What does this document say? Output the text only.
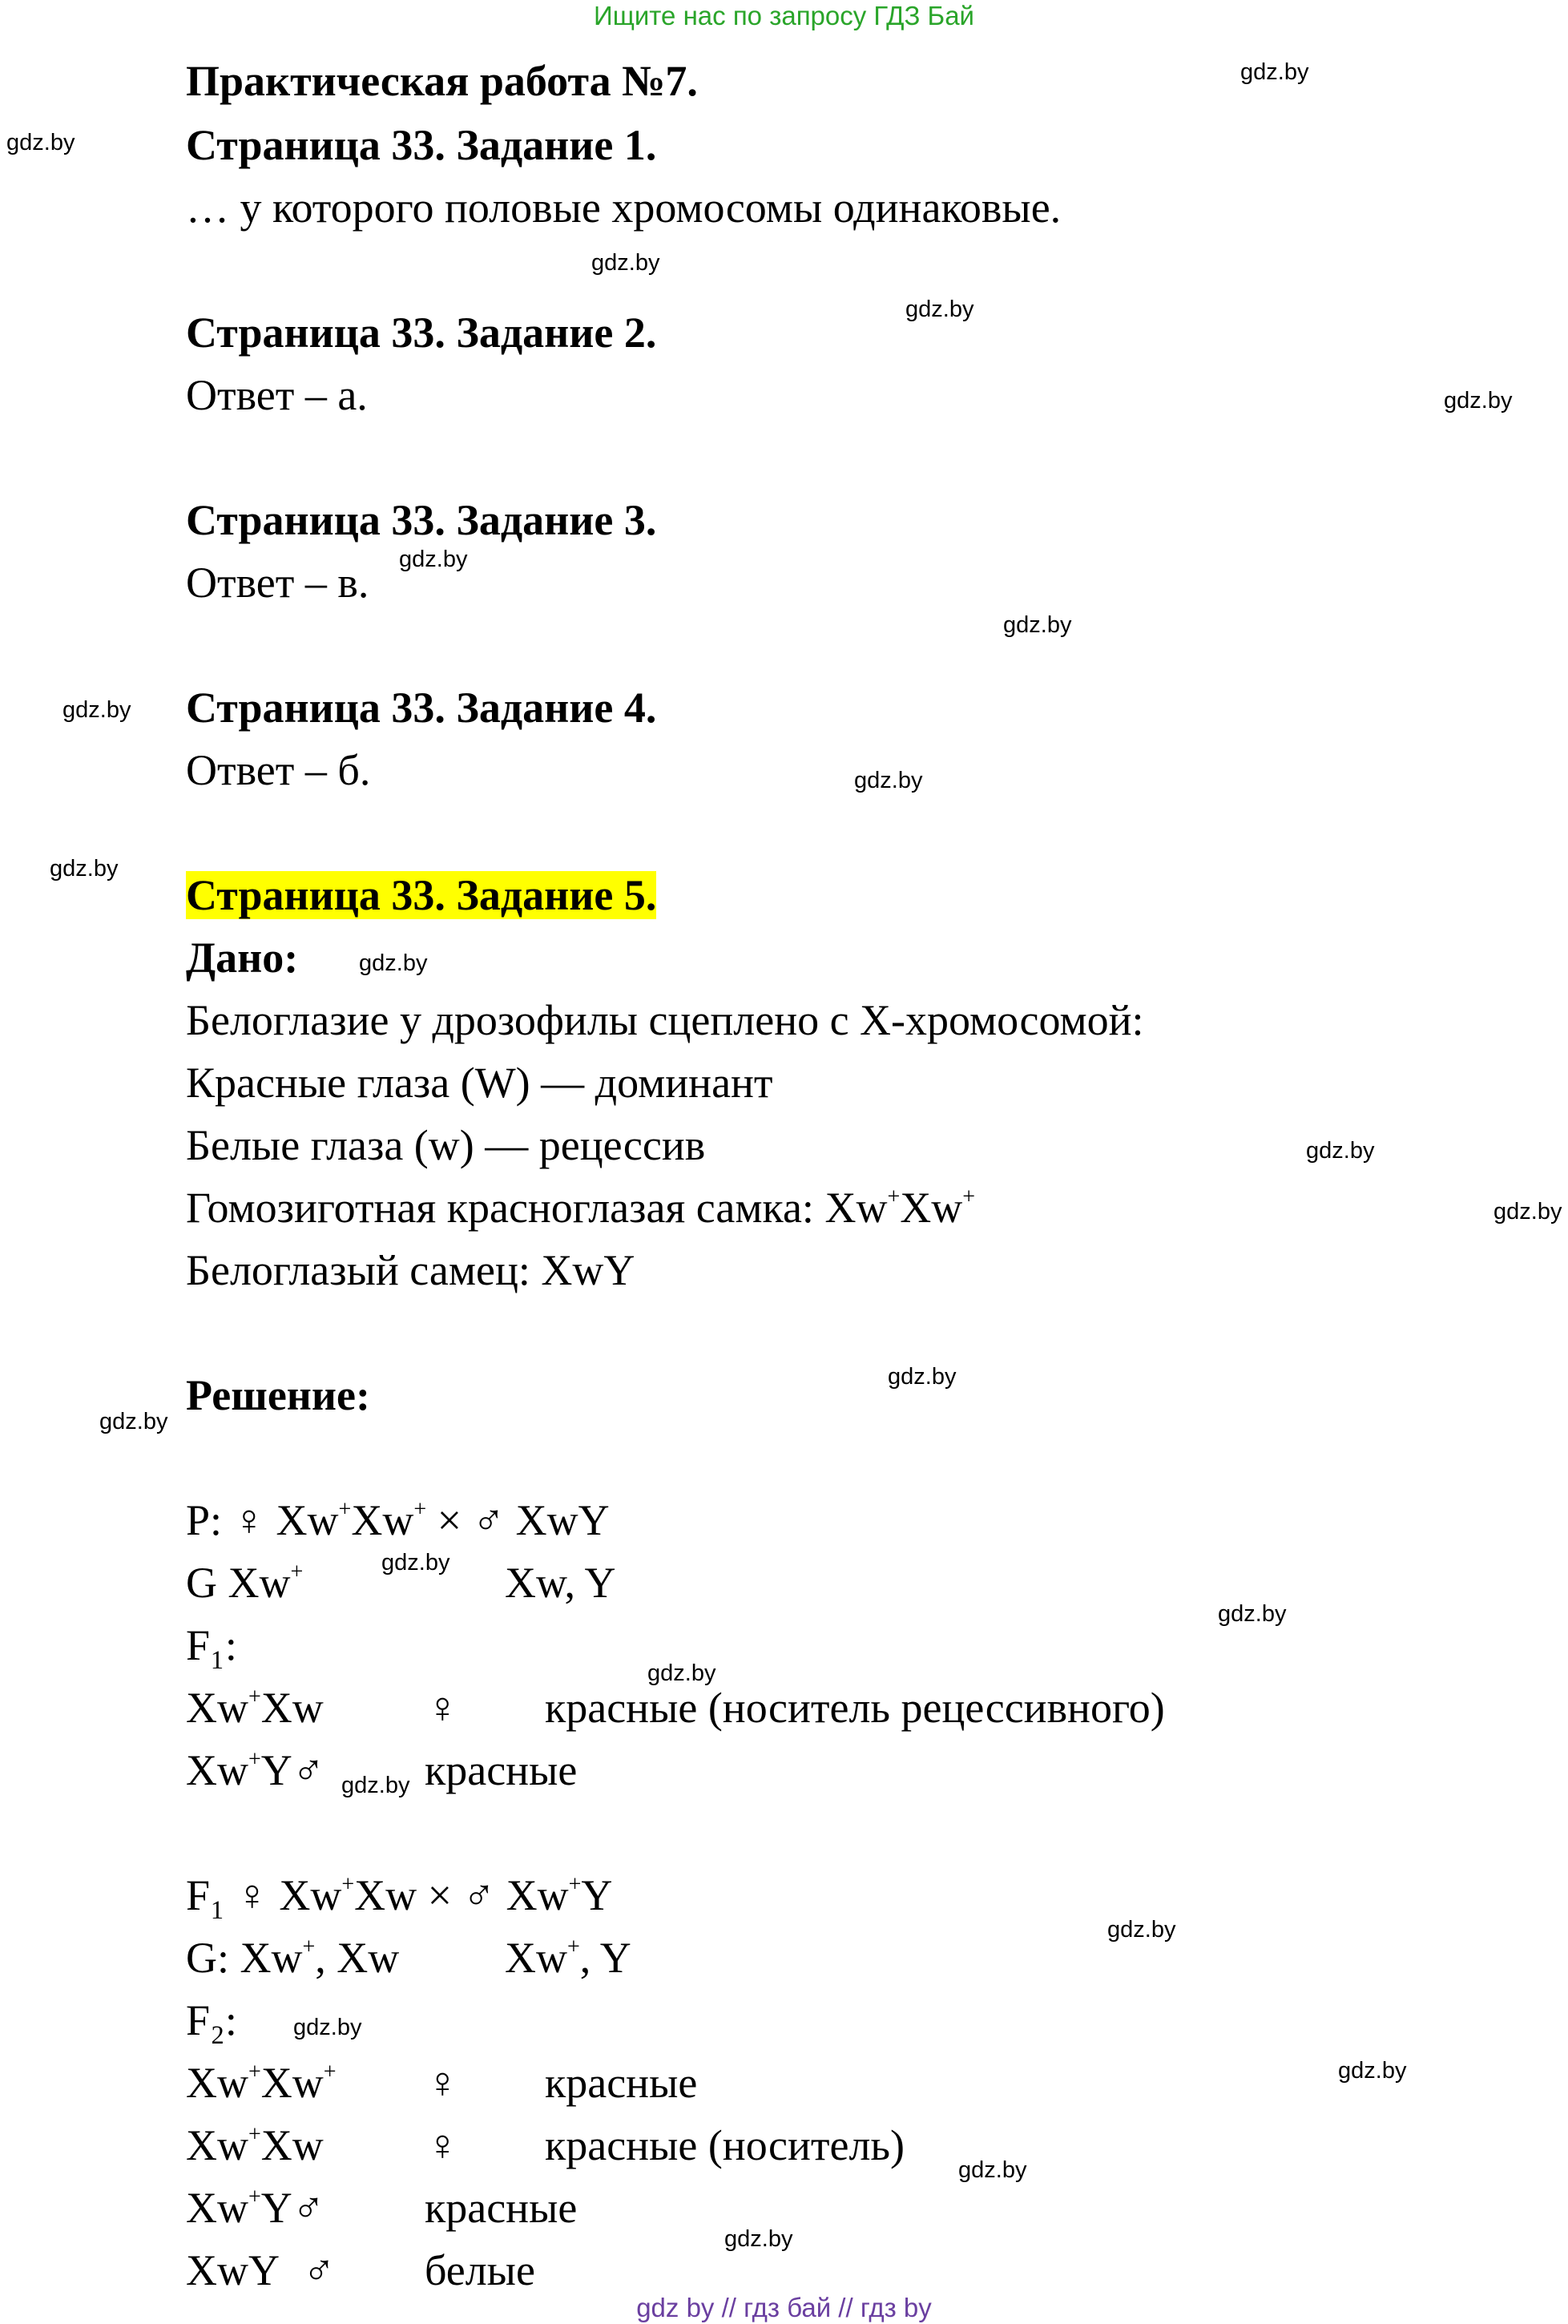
Ищите нас по запросу ГДЗ Бай
Практическая работа №7.
Страница 33. Задание 1.
… у которого половые хромосомы одинаковые.
Страница 33. Задание 2.
Ответ – а.
Страница 33. Задание 3.
Ответ – в.
Страница 33. Задание 4.
Ответ – б.
Страница 33. Задание 5.
Дано:
Белоглазие у дрозофилы сцеплено с Х-хромосомой:
Красные глаза (W) — доминант
Белые глаза (w) — рецессив
Гомозиготная красноглазая самка: Xw+Xw+
Белоглазый самец: XwY
Решение:
P: ♀ Xw+Xw+ × ♂ XwY
G Xw+	Xw, Y
F₁:
Xw+Xw ♀ красные (носитель рецессивного)
Xw+Y♂ красные
F₁ ♀ Xw+Xw × ♂ Xw+Y
G: Xw+, Xw Xw+, Y
F₂:
Xw+Xw+ ♀ красные
Xw+Xw ♀ красные (носитель)
Xw+Y♂ красные
XwY ♂ белые
gdz.by
gdz.by
gdz.by
gdz.by
gdz.by
gdz.by
gdz.by
gdz.by
gdz.by
gdz.by
gdz.by
gdz.by
gdz.by
gdz.by
gdz.by
gdz.by
gdz.by
gdz.by
gdz.by
gdz.by
gdz.by
gdz.by
gdz.by
gdz.by
gdz by // гдз бай // гдз by
